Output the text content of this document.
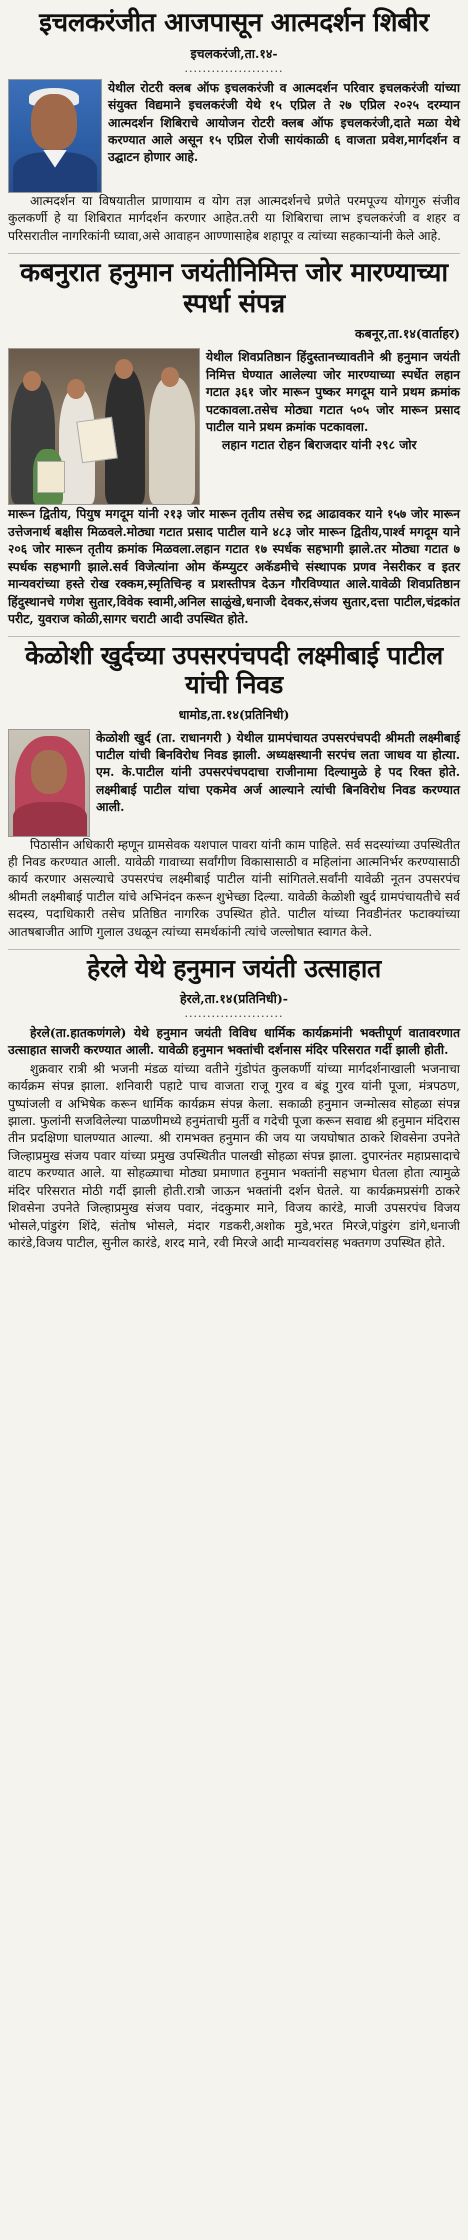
इचलकरंजीत आजपासून आत्मदर्शन शिबीर
इचलकरंजी,ता.१४-
......................
येथील रोटरी क्लब ऑफ इचलकरंजी व आत्मदर्शन परिवार इचलकरंजी यांच्या संयुक्त विद्यमाने इचलकरंजी येथे १५ एप्रिल ते २७ एप्रिल २०२५ दरम्यान आत्मदर्शन शिबिराचे आयोजन रोटरी क्लब ऑफ इचलकरंजी,दाते मळा येथे करण्यात आले असून १५ एप्रिल रोजी सायंकाळी ६ वाजता प्रवेश,मार्गदर्शन व उद्घाटन होणार आहे.

आत्मदर्शन या विषयातील प्राणायाम व योग तज्ञ आत्मदर्शनचे प्रणेते परमपूज्य योगगुरु संजीव कुलकर्णी हे या शिबिरात मार्गदर्शन करणार आहेत.तरी या शिबिराचा लाभ इचलकरंजी व शहर व परिसरातील नागरिकांनी घ्यावा,असे आवाहन आण्णासाहेब शहापूर व त्यांच्या सहकाऱ्यांनी केले आहे.

कबनुरात हनुमान जयंतीनिमित्त जोर मारण्याच्या स्पर्धा संपन्न
कबनूर,ता.१४(वार्ताहर)
येथील शिवप्रतिष्ठान हिंदुस्तानच्यावतीने श्री हनुमान जयंती निमित्त घेण्यात आलेल्या जोर मारण्याच्या स्पर्धेत लहान गटात ३६१ जोर मारून पुष्कर मगदूम याने प्रथम क्रमांक पटकावला.तसेच मोठ्या गटात ५०५ जोर मारून प्रसाद पाटील याने प्रथम क्रमांक पटकावला.
लहान गटात रोहन बिराजदार यांनी २९८ जोर

मारून द्वितीय, पियुष मगदूम यांनी २१३ जोर मारून तृतीय तसेच रुद्र आढावकर याने १५७ जोर मारून उत्तेजनार्थ बक्षीस मिळवले.मोठ्या गटात प्रसाद पाटील याने ४८३ जोर मारून द्वितीय,पार्श्व मगदूम याने २०६ जोर मारून तृतीय क्रमांक मिळवला.लहान गटात १७ स्पर्धक सहभागी झाले.तर मोठ्या गटात ७ स्पर्धक सहभागी झाले.सर्व विजेत्यांना ओम कॅम्प्युटर अकॅडमीचे संस्थापक प्रणव नेसरीकर व इतर मान्यवरांच्या हस्ते रोख रक्कम,स्मृतिचिन्ह व प्रशस्तीपत्र देऊन गौरविण्यात आले.यावेळी शिवप्रतिष्ठान हिंदुस्थानचे गणेश सुतार,विवेक स्वामी,अनिल साळुंखे,धनाजी देवकर,संजय सुतार,दत्ता पाटील,चंद्रकांत परीट, युवराज कोळी,सागर चराटी आदी उपस्थित होते.

केळोशी खुर्दच्या उपसरपंचपदी लक्ष्मीबाई पाटील यांची निवड
धामोड,ता.१४(प्रतिनिधी)
केळोशी खुर्द (ता. राधानगरी ) येथील ग्रामपंचायत उपसरपंचपदी श्रीमती लक्ष्मीबाई पाटील यांची बिनविरोध निवड झाली. अध्यक्षस्थानी सरपंच लता जाधव या होत्या. एम. के.पाटील यांनी उपसरपंचपदाचा राजीनामा दिल्यामुळे हे पद रिक्त होते. लक्ष्मीबाई पाटील यांचा एकमेव अर्ज आल्याने त्यांची बिनविरोध निवड करण्यात आली.

पिठासीन अधिकारी म्हणून ग्रामसेवक यशपाल पावरा यांनी काम पाहिले. सर्व सदस्यांच्या उपस्थितीत ही निवड करण्यात आली. यावेळी गावाच्या सर्वांगीण विकासासाठी व महिलांना आत्मनिर्भर करण्यासाठी कार्य करणार असल्याचे उपसरपंच लक्ष्मीबाई पाटील यांनी सांगितले.सर्वांनी यावेळी नूतन उपसरपंच श्रीमती लक्ष्मीबाई पाटील यांचे अभिनंदन करून शुभेच्छा दिल्या. यावेळी केळोशी खुर्द ग्रामपंचायतीचे सर्व सदस्य, पदाधिकारी तसेच प्रतिष्ठित नागरिक उपस्थित होते. पाटील यांच्या निवडीनंतर फटाक्यांच्या आतषबाजीत आणि गुलाल उधळून त्यांच्या समर्थकांनी त्यांचे जल्लोषात स्वागत केले.

हेरले येथे हनुमान जयंती उत्साहात
हेरले,ता.१४(प्रतिनिधी)-
......................

हेरले(ता.हातकणंगले) येथे हनुमान जयंती विविध धार्मिक कार्यक्रमांनी भक्तीपूर्ण वातावरणात उत्साहात साजरी करण्यात आली. यावेळी हनुमान भक्तांची दर्शनास मंदिर परिसरात गर्दी झाली होती.

शुक्रवार रात्री श्री भजनी मंडळ यांच्या वतीने गुंडोपंत कुलकर्णी यांच्या मार्गदर्शनाखाली भजनाचा कार्यक्रम संपन्न झाला. शनिवारी पहाटे पाच वाजता राजू गुरव व बंडू गुरव यांनी पूजा, मंत्रपठण, पुष्पांजली व अभिषेक करून धार्मिक कार्यक्रम संपन्न केला. सकाळी हनुमान जन्मोत्सव सोहळा संपन्न झाला. फुलांनी सजविलेल्या पाळणीमध्ये हनुमंताची मुर्ती व गदेची पूजा करून सवाद्य श्री हनुमान मंदिरास तीन प्रदक्षिणा घालण्यात आल्या. श्री रामभक्त हनुमान की जय या जयघोषात ठाकरे शिवसेना उपनेते जिल्हाप्रमुख संजय पवार यांच्या प्रमुख उपस्थितीत पालखी सोहळा संपन्न झाला. दुपारनंतर महाप्रसादाचे वाटप करण्यात आले. या सोहळ्याचा मोठ्या प्रमाणात हनुमान भक्तांनी सहभाग घेतला होता त्यामुळे मंदिर परिसरात मोठी गर्दी झाली होती.रात्रौ जाऊन भक्तांनी दर्शन घेतले. या कार्यक्रमप्रसंगी ठाकरे शिवसेना उपनेते जिल्हाप्रमुख संजय पवार, नंदकुमार माने, विजय कारंडे, माजी उपसरपंच विजय भोसले,पांडुरंग शिंदे, संतोष भोसले, मंदार गडकरी,अशोक मुडे,भरत मिरजे,पांडुरंग डांगे,धनाजी कारंडे,विजय पाटील, सुनील कारंडे, शरद माने, रवी मिरजे आदी मान्यवरांसह भक्तगण उपस्थित होते.
